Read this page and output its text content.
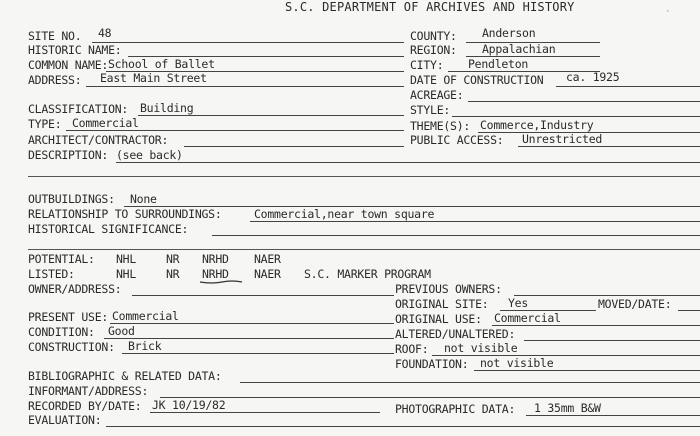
S.C. DEPARTMENT OF ARCHIVES AND HISTORY	·
SITE NO. 48
HISTORIC NAME:
COMMON NAME: School of Ballet
ADDRESS: East Main Street
CLASSIFICATION: Building
TYPE: Commercial
ARCHITECT/CONTRACTOR:
DESCRIPTION: (see back)
COUNTY: Anderson
REGION: Appalachian
CITY: Pendleton
DATE OF CONSTRUCTION ca. 1925
ACREAGE:
STYLE:
THEME(S): Commerce,Industry
PUBLIC ACCESS: Unrestricted
OUTBUILDINGS: None
RELATIONSHIP TO SURROUNDINGS:	Commercial,near town square
HISTORICAL SIGNIFICANCE:
POTENTIAL: NHL	NR NRHD NAER
LISTED:	NHL	NR NRHD NAER S.C. MARKER PROGRAM
OWNER/ADDRESS:	PREVIOUS OWNERS:
ORIGINAL SITE: Yes	MOVED/DATE:
ORIGINAL USE: Commercial
ALTERED/UNALTERED:
ROOF: not visible
FOUNDATION: not visible
PHOTOGRAPHIC DATA: 1 35mm B&W
PRESENT USE: Commercial
CONDITION: Good
CONSTRUCTION: Brick
BIBLIOGRAPHIC & RELATED DATA:
INFORMANT/ADDRESS:
RECORDED BY/DATE: JK 10/19/82
EVALUATION:
